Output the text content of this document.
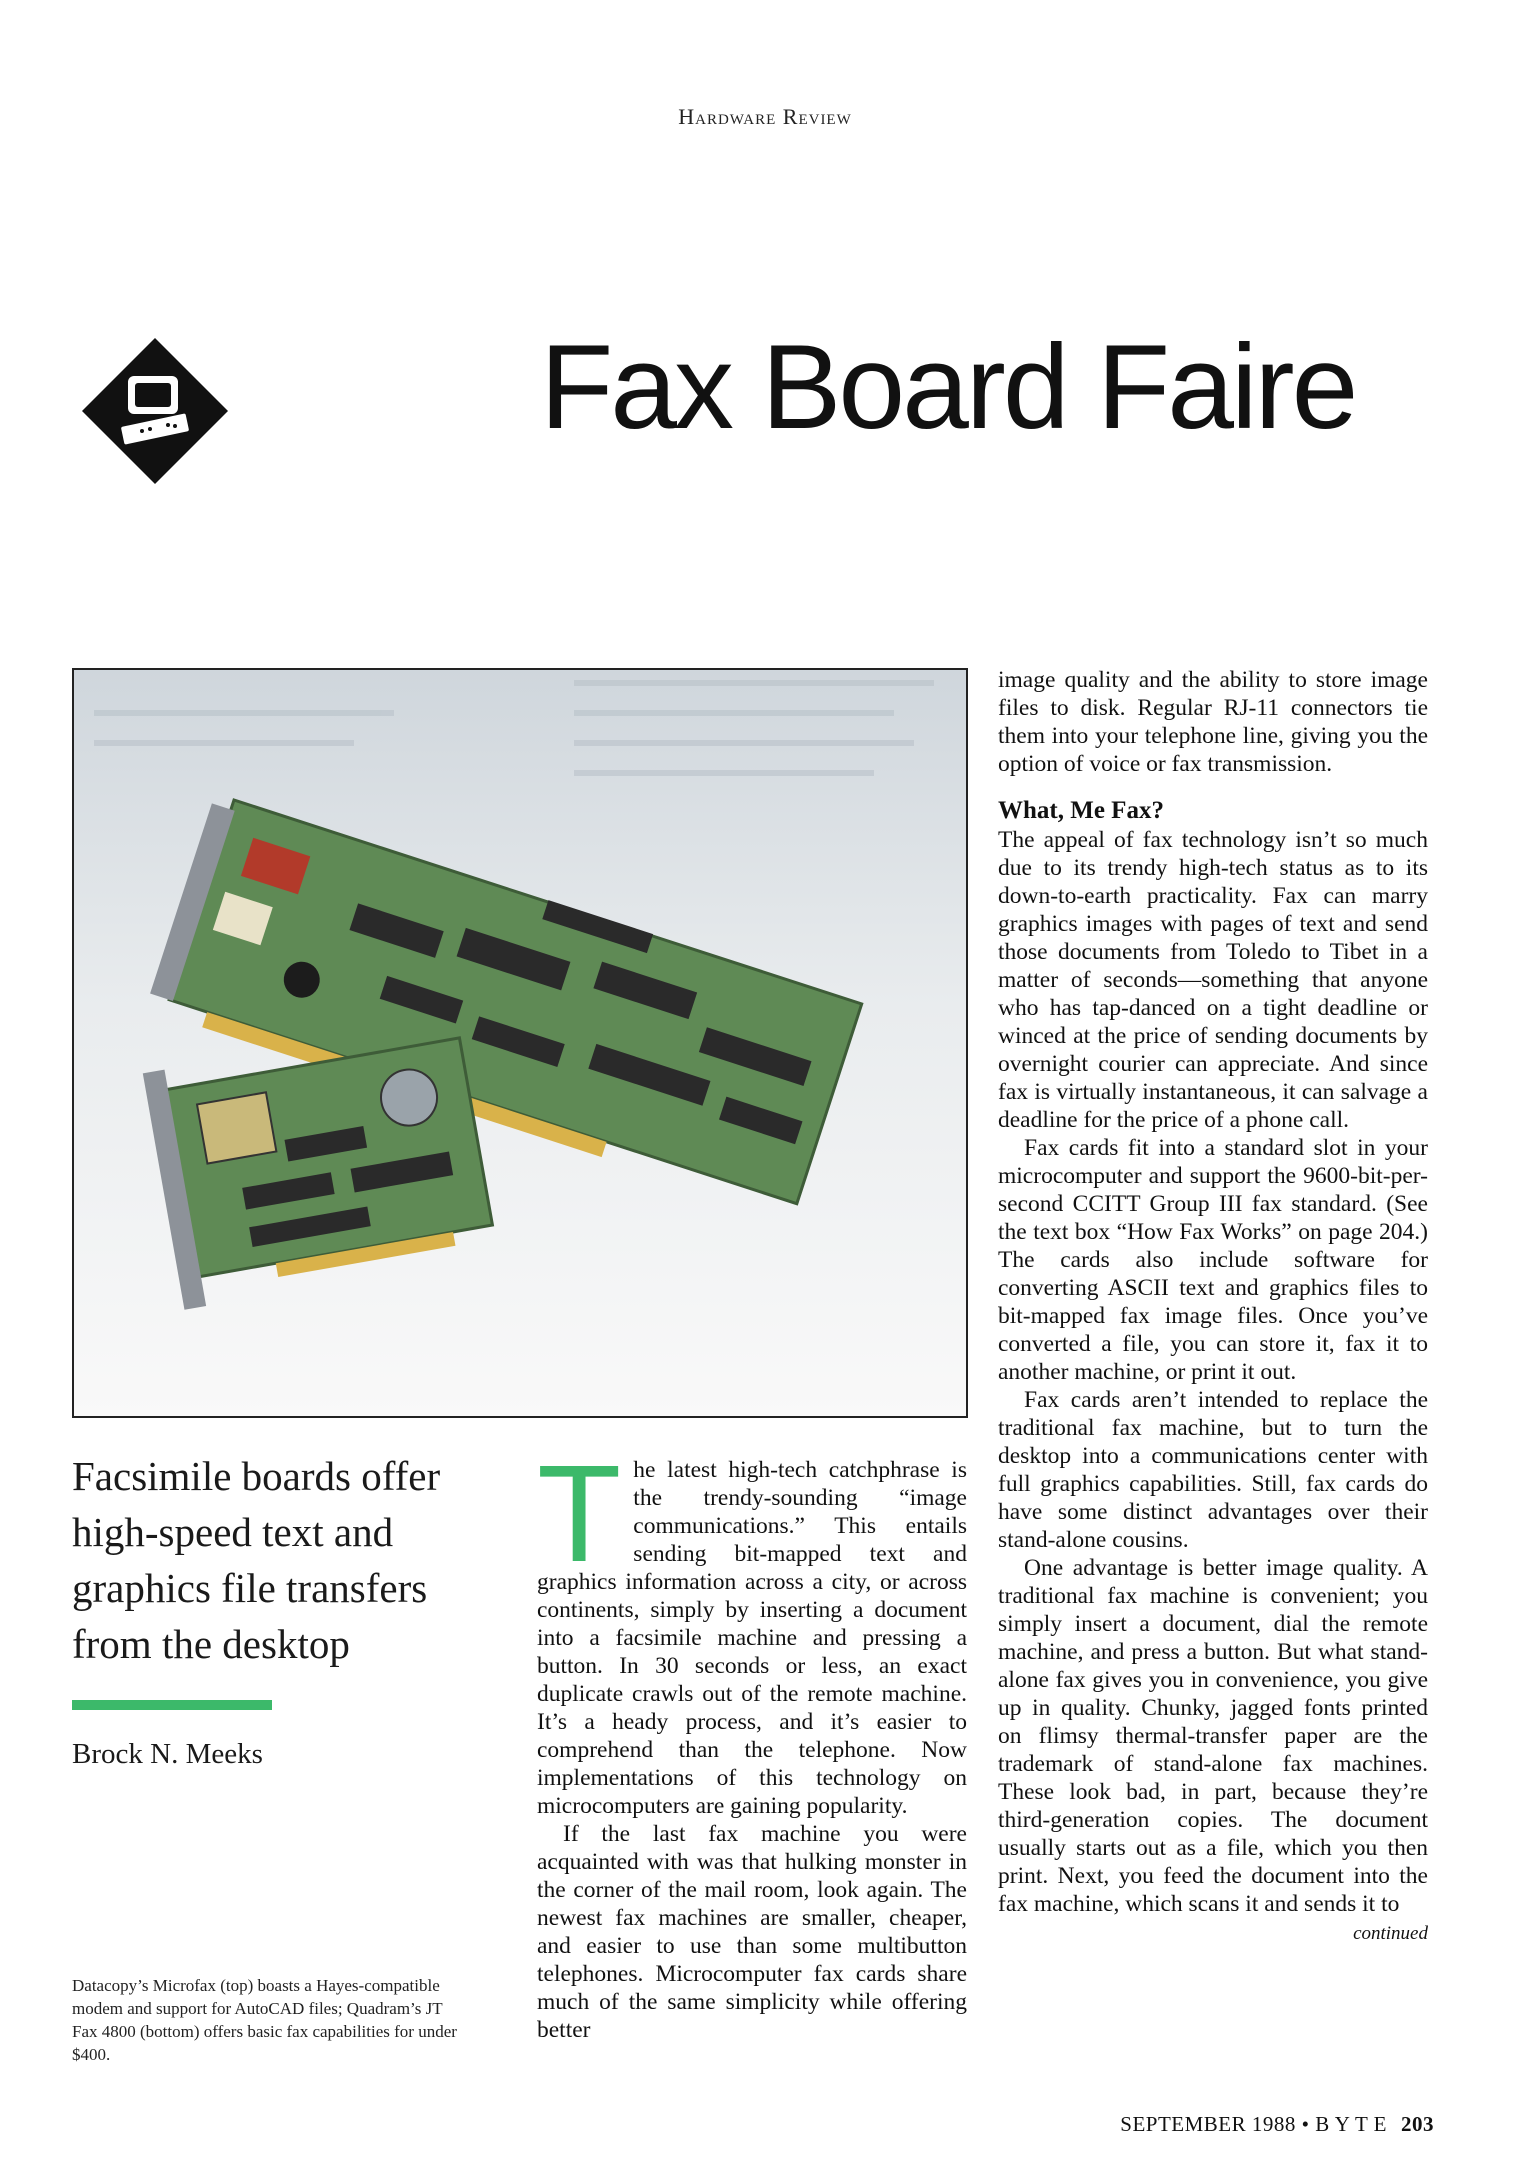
Hardware Review
Fax Board Faire
Facsimile boards offer high-speed text and graphics file transfers from the desktop
Brock N. Meeks
Datacopy’s Microfax (top) boasts a Hayes-compatible modem and support for AutoCAD files; Quadram’s JT Fax 4800 (bottom) offers basic fax capabilities for under $400.

The latest high-tech catchphrase is the trendy-sounding “image communications.” This entails sending bit-mapped text and graphics information across a city, or across continents, simply by inserting a document into a facsimile machine and pressing a button. In 30 seconds or less, an exact duplicate crawls out of the remote machine. It’s a heady process, and it’s easier to comprehend than the telephone. Now implementations of this technology on microcomputers are gaining popularity.

If the last fax machine you were acquainted with was that hulking monster in the corner of the mail room, look again. The newest fax machines are smaller, cheaper, and easier to use than some multibutton telephones. Microcomputer fax cards share much of the same simplicity while offering better

image quality and the ability to store image files to disk. Regular RJ-11 connectors tie them into your telephone line, giving you the option of voice or fax transmission.

What, Me Fax?

The appeal of fax technology isn’t so much due to its trendy high-tech status as to its down-to-earth practicality. Fax can marry graphics images with pages of text and send those documents from Toledo to Tibet in a matter of seconds—something that anyone who has tap-danced on a tight deadline or winced at the price of sending documents by overnight courier can appreciate. And since fax is virtually instantaneous, it can salvage a deadline for the price of a phone call.

Fax cards fit into a standard slot in your microcomputer and support the 9600-bit-per-second CCITT Group III fax standard. (See the text box “How Fax Works” on page 204.) The cards also include software for converting ASCII text and graphics files to bit-mapped fax image files. Once you’ve converted a file, you can store it, fax it to another machine, or print it out.

Fax cards aren’t intended to replace the traditional fax machine, but to turn the desktop into a communications center with full graphics capabilities. Still, fax cards do have some distinct advantages over their stand-alone cousins.

One advantage is better image quality. A traditional fax machine is convenient; you simply insert a document, dial the remote machine, and press a button. But what stand-alone fax gives you in convenience, you give up in quality. Chunky, jagged fonts printed on flimsy thermal-transfer paper are the trademark of stand-alone fax machines. These look bad, in part, because they’re third-generation copies. The document usually starts out as a file, which you then print. Next, you feed the document into the fax machine, which scans it and sends it to

continued
SEPTEMBER 1988 • B Y T E 203
